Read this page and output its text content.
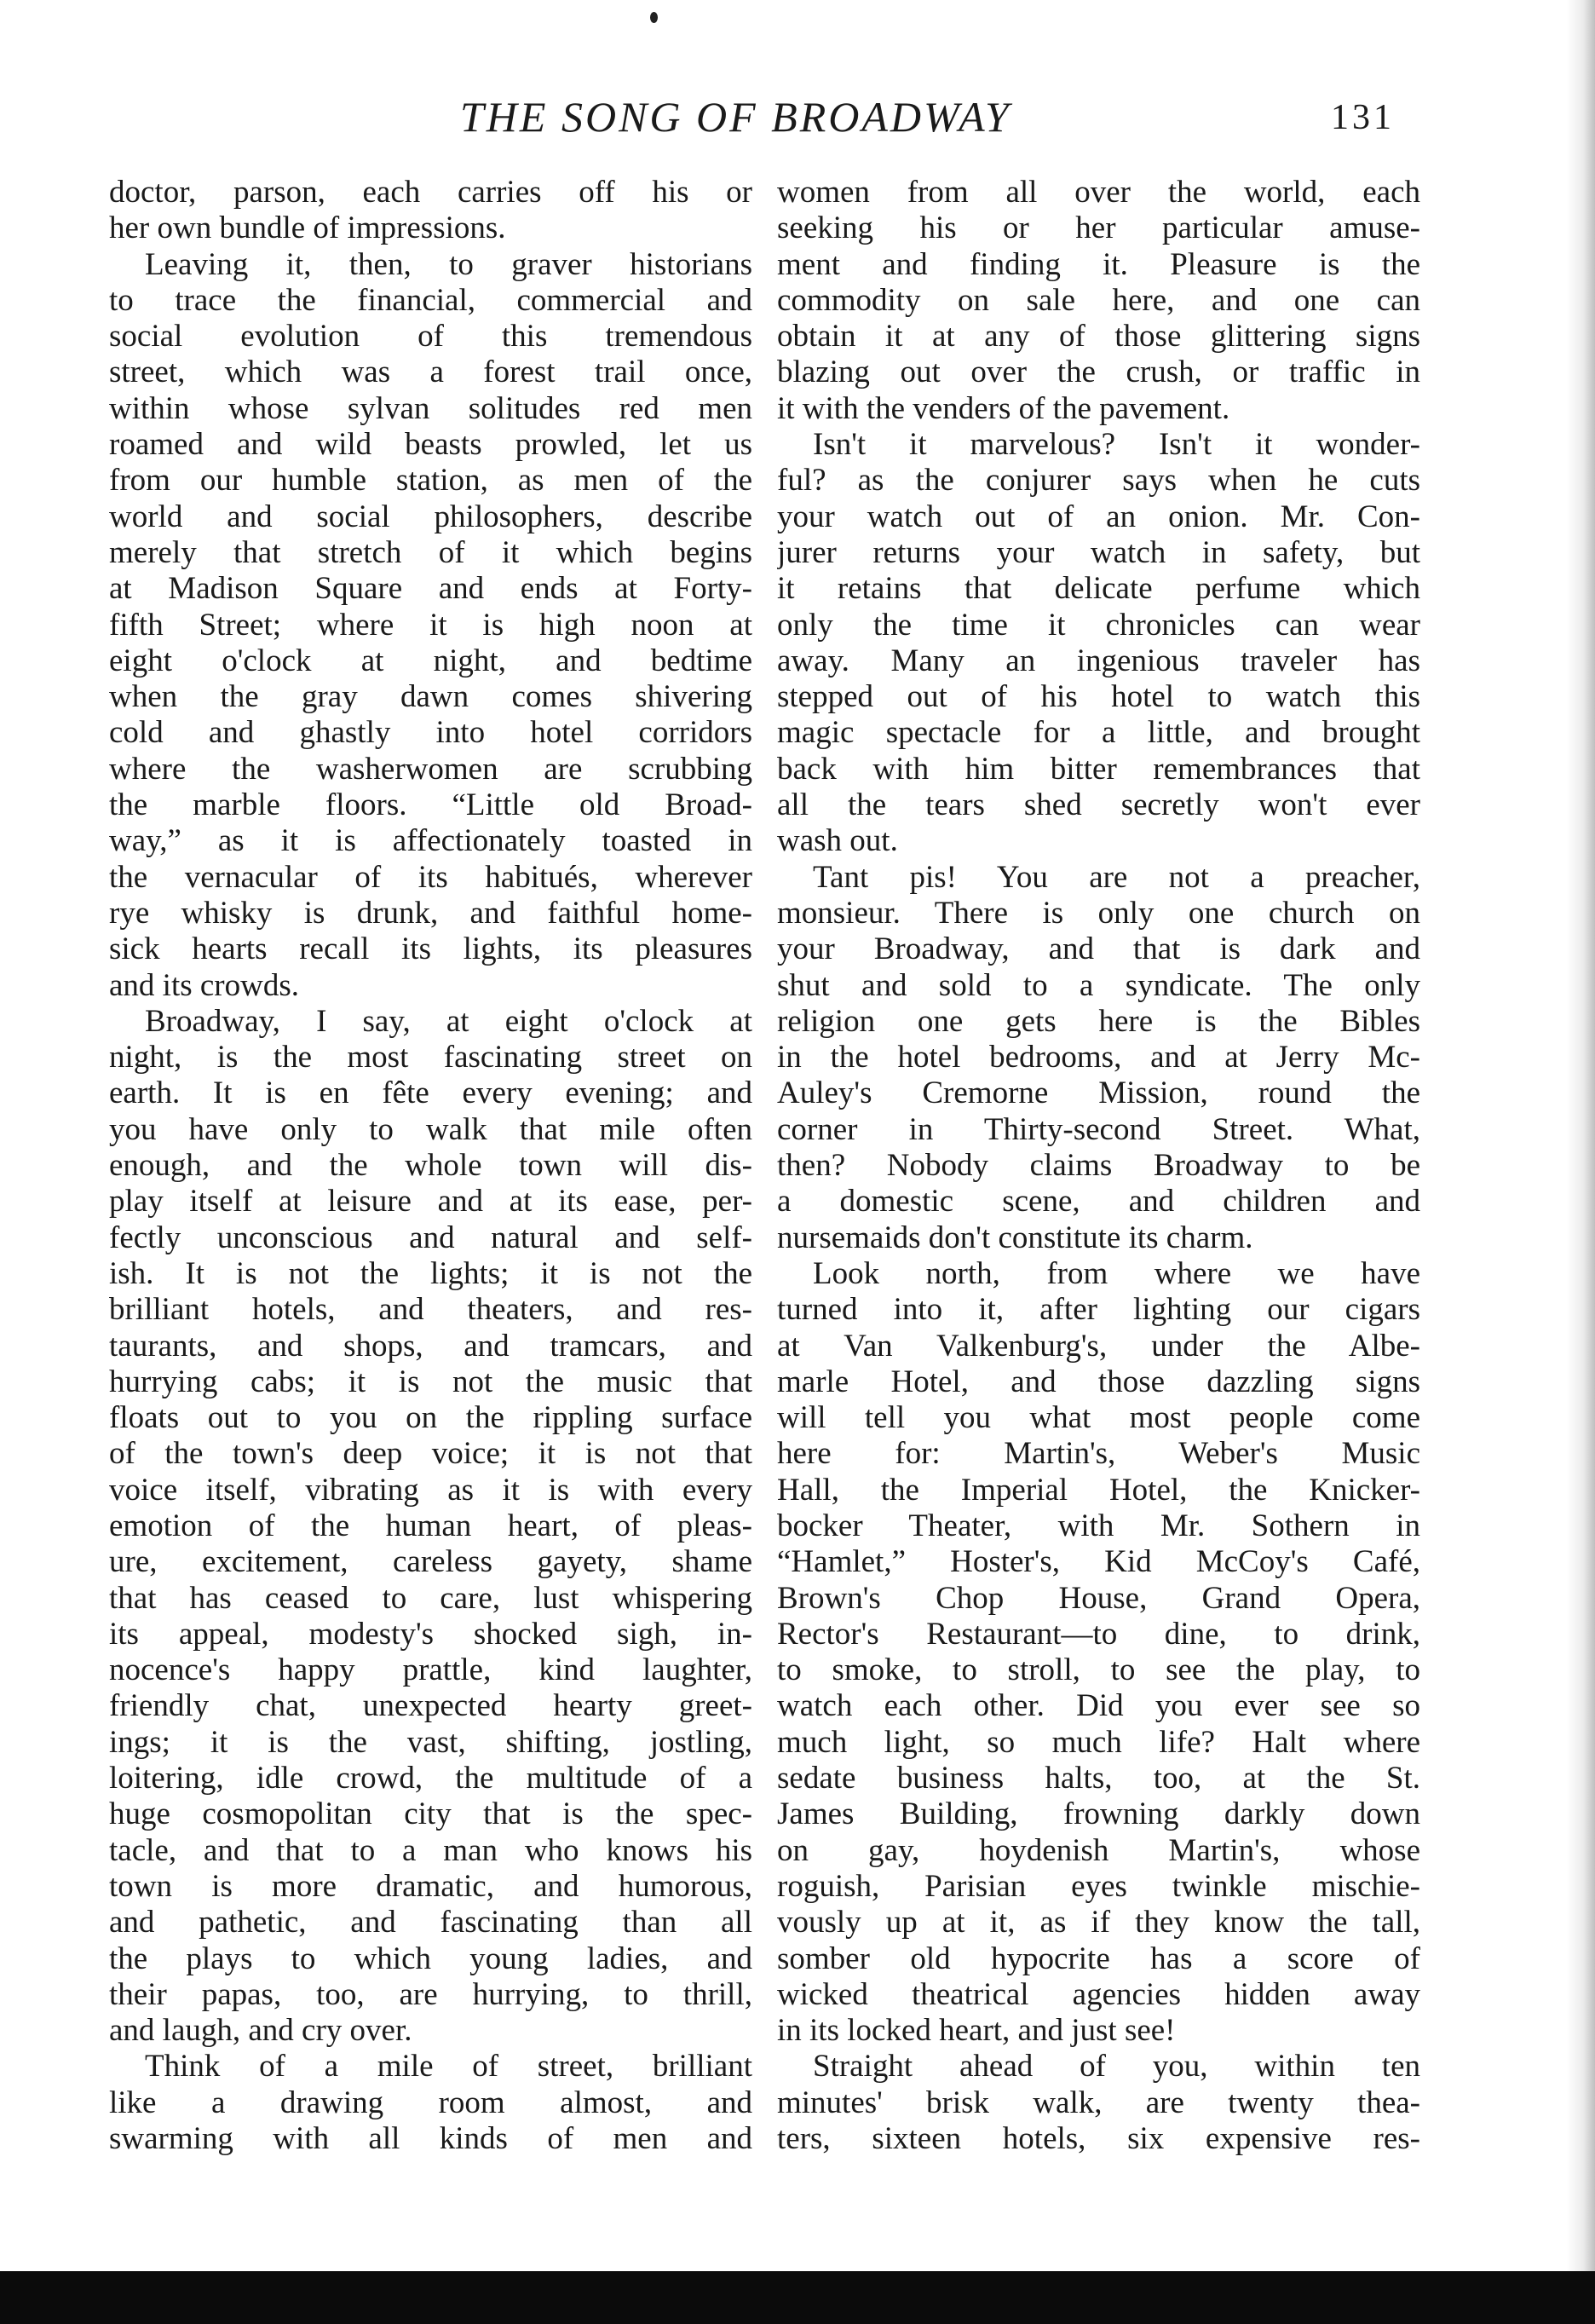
THE SONG OF BROADWAY	131
doctor, parson, each carries off his or
her own bundle of impressions.
Leaving it, then, to graver historians
to trace the financial, commercial and
social evolution of this tremendous
street, which was a forest trail once,
within whose sylvan solitudes red men
roamed and wild beasts prowled, let us
from our humble station, as men of the
world and social philosophers, describe
merely that stretch of it which begins
at Madison Square and ends at Forty-
fifth Street; where it is high noon at
eight o'clock at night, and bedtime
when the gray dawn comes shivering
cold and ghastly into hotel corridors
where the washerwomen are scrubbing
the marble floors. “Little old Broad-
way,” as it is affectionately toasted in
the vernacular of its habitués, wherever
rye whisky is drunk, and faithful home-
sick hearts recall its lights, its pleasures
and its crowds.
Broadway, I say, at eight o'clock at
night, is the most fascinating street on
earth. It is en fête every evening; and
you have only to walk that mile often
enough, and the whole town will dis-
play itself at leisure and at its ease, per-
fectly unconscious and natural and self-
ish. It is not the lights; it is not the
brilliant hotels, and theaters, and res-
taurants, and shops, and tramcars, and
hurrying cabs; it is not the music that
floats out to you on the rippling surface
of the town's deep voice; it is not that
voice itself, vibrating as it is with every
emotion of the human heart, of pleas-
ure, excitement, careless gayety, shame
that has ceased to care, lust whispering
its appeal, modesty's shocked sigh, in-
nocence's happy prattle, kind laughter,
friendly chat, unexpected hearty greet-
ings; it is the vast, shifting, jostling,
loitering, idle crowd, the multitude of a
huge cosmopolitan city that is the spec-
tacle, and that to a man who knows his
town is more dramatic, and humorous,
and pathetic, and fascinating than all
the plays to which young ladies, and
their papas, too, are hurrying, to thrill,
and laugh, and cry over.
Think of a mile of street, brilliant
like a drawing room almost, and
swarming with all kinds of men and
women from all over the world, each
seeking his or her particular amuse-
ment and finding it. Pleasure is the
commodity on sale here, and one can
obtain it at any of those glittering signs
blazing out over the crush, or traffic in
it with the venders of the pavement.
Isn't it marvelous? Isn't it wonder-
ful? as the conjurer says when he cuts
your watch out of an onion. Mr. Con-
jurer returns your watch in safety, but
it retains that delicate perfume which
only the time it chronicles can wear
away. Many an ingenious traveler has
stepped out of his hotel to watch this
magic spectacle for a little, and brought
back with him bitter remembrances that
all the tears shed secretly won't ever
wash out.
Tant pis! You are not a preacher,
monsieur. There is only one church on
your Broadway, and that is dark and
shut and sold to a syndicate. The only
religion one gets here is the Bibles
in the hotel bedrooms, and at Jerry Mc-
Auley's Cremorne Mission, round the
corner in Thirty-second Street. What,
then? Nobody claims Broadway to be
a domestic scene, and children and
nursemaids don't constitute its charm.
Look north, from where we have
turned into it, after lighting our cigars
at Van Valkenburg's, under the Albe-
marle Hotel, and those dazzling signs
will tell you what most people come
here for: Martin's, Weber's Music
Hall, the Imperial Hotel, the Knicker-
bocker Theater, with Mr. Sothern in
“Hamlet,” Hoster's, Kid McCoy's Café,
Brown's Chop House, Grand Opera,
Rector's Restaurant—to dine, to drink,
to smoke, to stroll, to see the play, to
watch each other. Did you ever see so
much light, so much life? Halt where
sedate business halts, too, at the St.
James Building, frowning darkly down
on gay, hoydenish Martin's, whose
roguish, Parisian eyes twinkle mischie-
vously up at it, as if they know the tall,
somber old hypocrite has a score of
wicked theatrical agencies hidden away
in its locked heart, and just see!
Straight ahead of you, within ten
minutes' brisk walk, are twenty thea-
ters, sixteen hotels, six expensive res-
